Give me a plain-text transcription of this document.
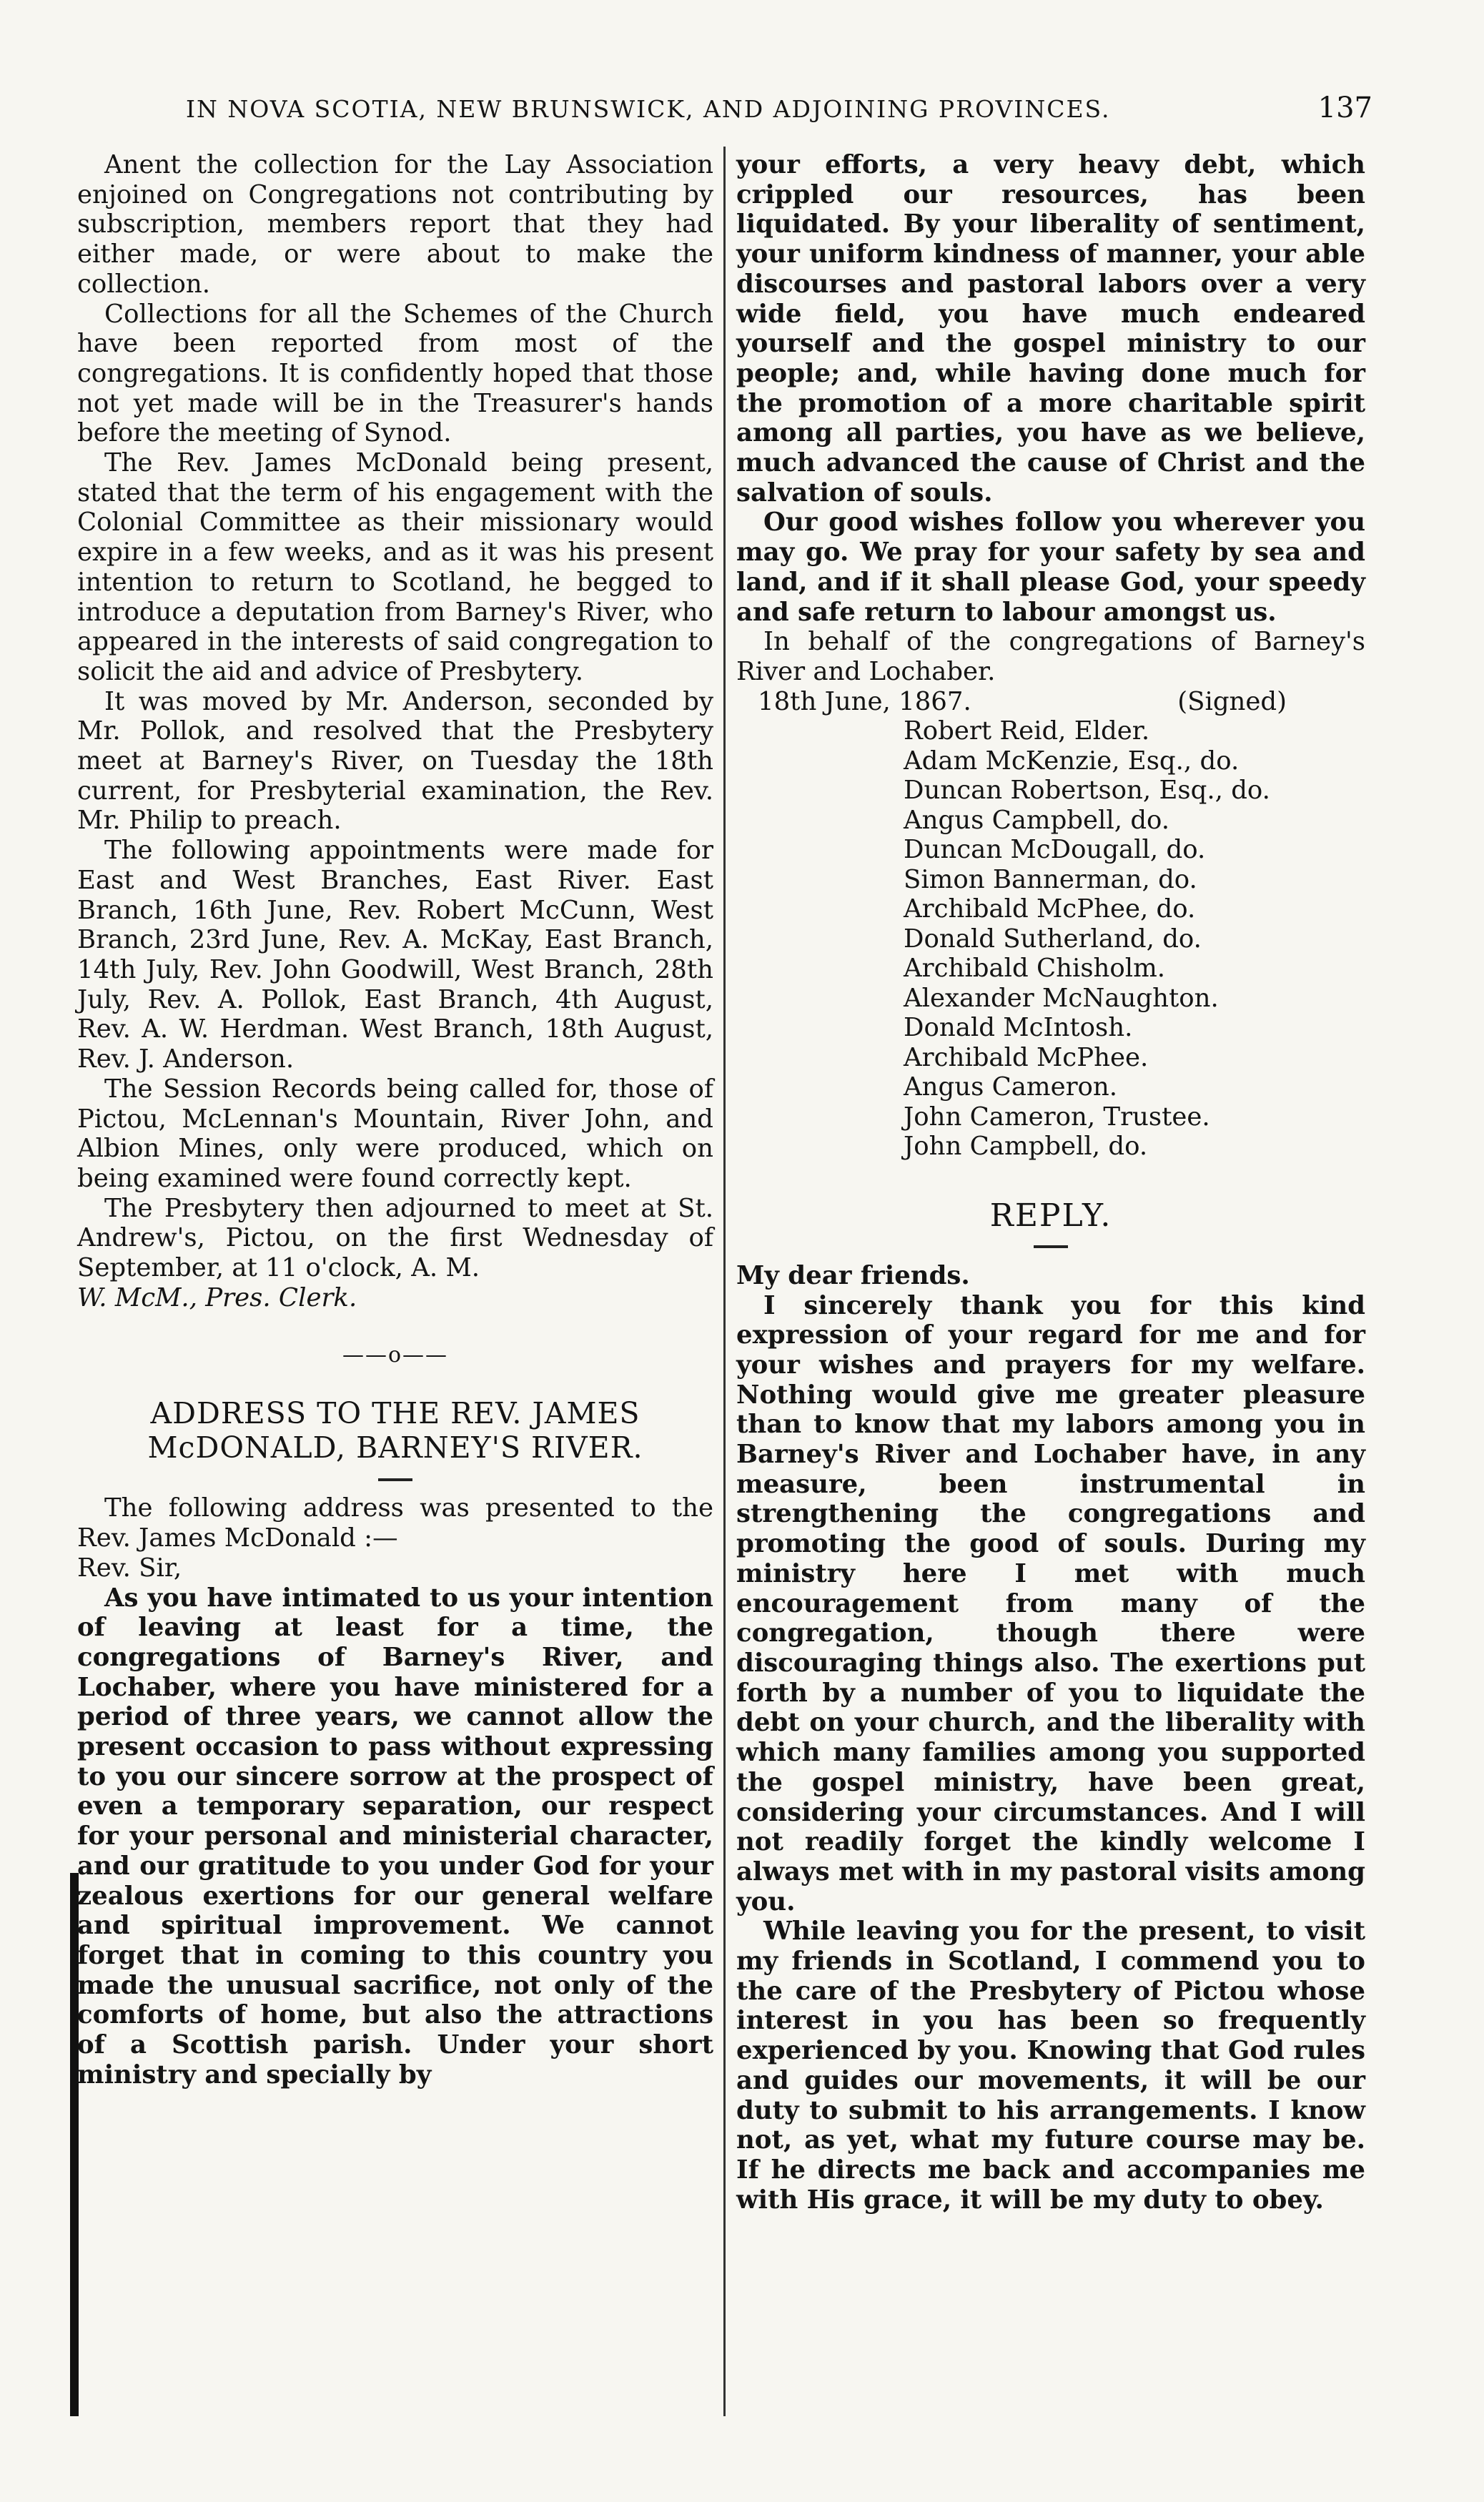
IN NOVA SCOTIA, NEW BRUNSWICK, AND ADJOINING PROVINCES.	137

Anent the collection for the Lay Association enjoined on Congregations not contributing by subscription, members report that they had either made, or were about to make the collection.

Collections for all the Schemes of the Church have been reported from most of the congregations. It is confidently hoped that those not yet made will be in the Treasurer's hands before the meeting of Synod.

The Rev. James McDonald being present, stated that the term of his engagement with the Colonial Committee as their missionary would expire in a few weeks, and as it was his present intention to return to Scotland, he begged to introduce a deputation from Barney's River, who appeared in the interests of said congregation to solicit the aid and advice of Presbytery.

It was moved by Mr. Anderson, seconded by Mr. Pollok, and resolved that the Presbytery meet at Barney's River, on Tuesday the 18th current, for Presbyterial examination, the Rev. Mr. Philip to preach.

The following appointments were made for East and West Branches, East River. East Branch, 16th June, Rev. Robert McCunn, West Branch, 23rd June, Rev. A. McKay, East Branch, 14th July, Rev. John Goodwill, West Branch, 28th July, Rev. A. Pollok, East Branch, 4th August, Rev. A. W. Herdman. West Branch, 18th August, Rev. J. Anderson.

The Session Records being called for, those of Pictou, McLennan's Mountain, River John, and Albion Mines, only were produced, which on being examined were found correctly kept.

The Presbytery then adjourned to meet at St. Andrew's, Pictou, on the first Wednesday of September, at 11 o'clock, A. M.

W. McM., Pres. Clerk.

——o——
ADDRESS TO THE REV. JAMES McDONALD, BARNEY'S RIVER.

The following address was presented to the Rev. James McDonald :—

Rev. Sir,

As you have intimated to us your intention of leaving at least for a time, the congregations of Barney's River, and Lochaber, where you have ministered for a period of three years, we cannot allow the present occasion to pass without expressing to you our sincere sorrow at the prospect of even a temporary separation, our respect for your personal and ministerial character, and our gratitude to you under God for your zealous exertions for our general welfare and spiritual improvement. We cannot forget that in coming to this country you made the unusual sacrifice, not only of the comforts of home, but also the attractions of a Scottish parish. Under your short ministry and specially by

your efforts, a very heavy debt, which crippled our resources, has been liquidated. By your liberality of sentiment, your uniform kindness of manner, your able discourses and pastoral labors over a very wide field, you have much endeared yourself and the gospel ministry to our people; and, while having done much for the promotion of a more charitable spirit among all parties, you have as we believe, much advanced the cause of Christ and the salvation of souls.

Our good wishes follow you wherever you may go. We pray for your safety by sea and land, and if it shall please God, your speedy and safe return to labour amongst us.

In behalf of the congregations of Barney's River and Lochaber.

18th June, 1867.	(Signed)

Robert Reid, Elder.
Adam McKenzie, Esq., do.
Duncan Robertson, Esq., do.
Angus Campbell, do.
Duncan McDougall, do.
Simon Bannerman, do.
Archibald McPhee, do.
Donald Sutherland, do.
Archibald Chisholm.
Alexander McNaughton.
Donald McIntosh.
Archibald McPhee.
Angus Cameron.
John Cameron, Trustee.
John Campbell, do.
REPLY.

My dear friends.

I sincerely thank you for this kind expression of your regard for me and for your wishes and prayers for my welfare. Nothing would give me greater pleasure than to know that my labors among you in Barney's River and Lochaber have, in any measure, been instrumental in strengthening the congregations and promoting the good of souls. During my ministry here I met with much encouragement from many of the congregation, though there were discouraging things also. The exertions put forth by a number of you to liquidate the debt on your church, and the liberality with which many families among you supported the gospel ministry, have been great, considering your circumstances. And I will not readily forget the kindly welcome I always met with in my pastoral visits among you.

While leaving you for the present, to visit my friends in Scotland, I commend you to the care of the Presbytery of Pictou whose interest in you has been so frequently experienced by you. Knowing that God rules and guides our movements, it will be our duty to submit to his arrangements. I know not, as yet, what my future course may be. If he directs me back and accompanies me with His grace, it will be my duty to obey.
